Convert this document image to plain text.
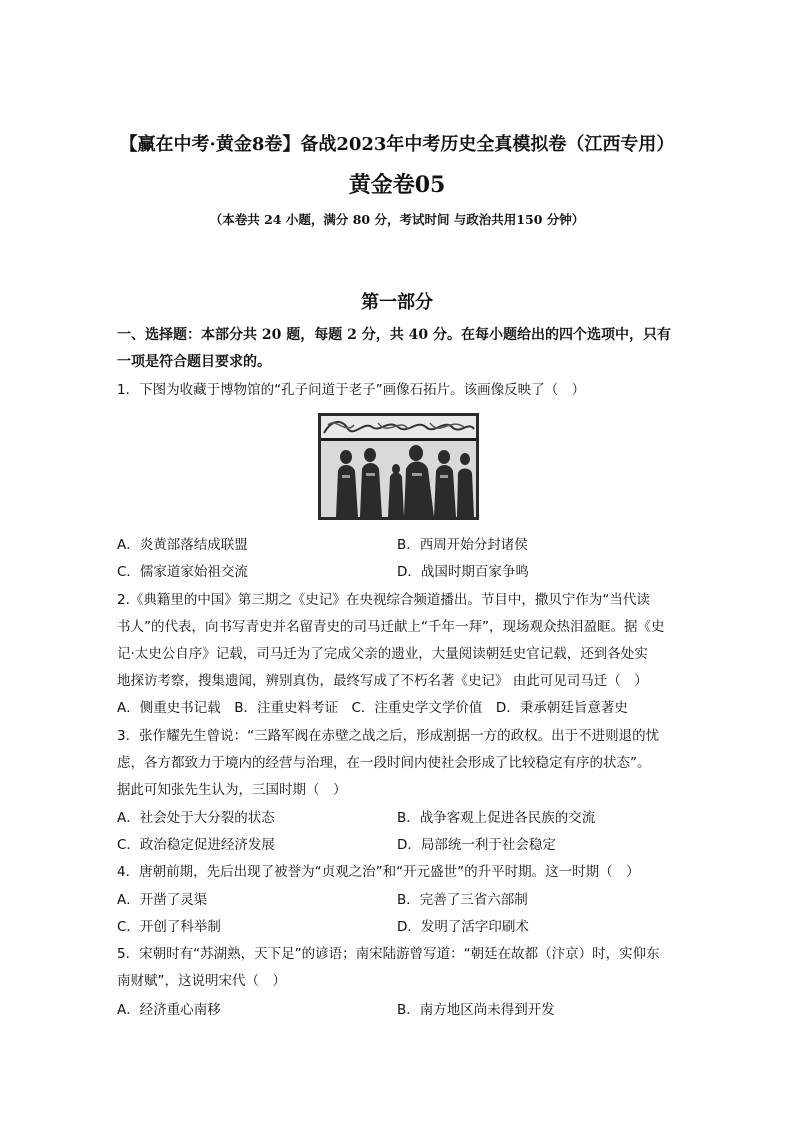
【赢在中考·黄金8卷】备战2023年中考历史全真模拟卷（江西专用）
黄金卷05
（本卷共 24 小题，满分 80 分，考试时间 与政治共用150 分钟）
第一部分
一、选择题：本部分共 20 题，每题 2 分，共 40 分。在每小题给出的四个选项中，只有
一项是符合题目要求的。
1．下图为收藏于博物馆的“孔子问道于老子”画像石拓片。该画像反映了（　）
A．炎黄部落结成联盟	B．西周开始分封诸侯
C．儒家道家始祖交流	D．战国时期百家争鸣
2.《典籍里的中国》第三期之《史记》在央视综合频道播出。节目中，撒贝宁作为“当代读
书人”的代表，向书写青史并名留青史的司马迁献上“千年一拜”，现场观众热泪盈眶。据《史
记·太史公自序》记载，司马迁为了完成父亲的遗业，大量阅读朝廷史官记载，还到各处实
地探访考察，搜集遗闻，辨别真伪，最终写成了不朽名著《史记》 由此可见司马迁（　）
A．侧重史书记载　B．注重史料考证　C．注重史学文学价值　D．秉承朝廷旨意著史
3．张作耀先生曾说：“三路军阀在赤壁之战之后，形成割据一方的政权。出于不进则退的忧
虑，各方都致力于境内的经营与治理，在一段时间内使社会形成了比较稳定有序的状态”。
据此可知张先生认为，三国时期（　）
A．社会处于大分裂的状态	B．战争客观上促进各民族的交流
C．政治稳定促进经济发展	D．局部统一利于社会稳定
4．唐朝前期，先后出现了被誉为“贞观之治”和“开元盛世”的升平时期。这一时期（　）
A．开凿了灵渠	B．完善了三省六部制
C．开创了科举制	D．发明了活字印刷术
5．宋朝时有“苏湖熟，天下足”的谚语；南宋陆游曾写道：“朝廷在故都（汴京）时，实仰东
南财赋”，这说明宋代（　）
A．经济重心南移	B．南方地区尚未得到开发
